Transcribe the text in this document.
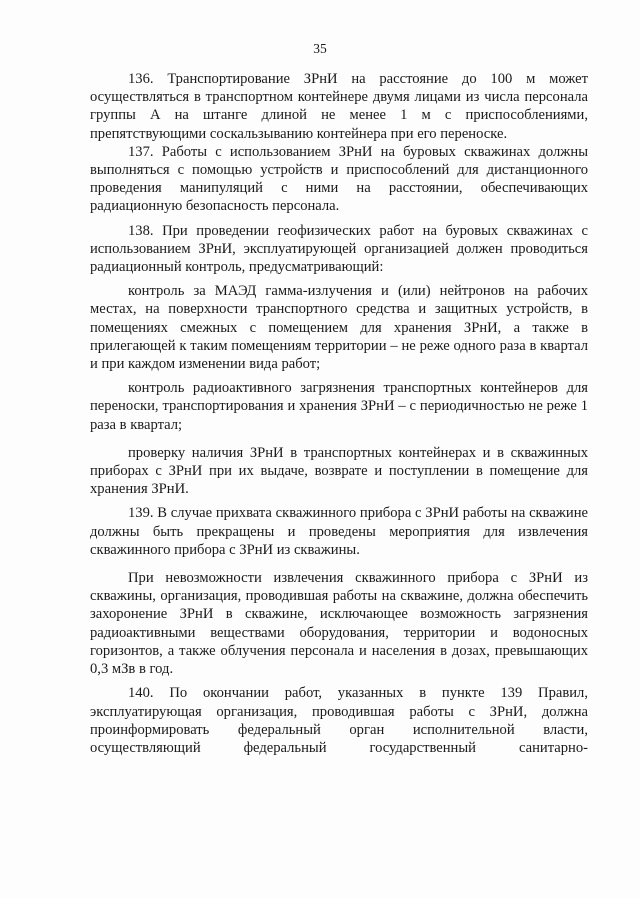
35

136. Транспортирование ЗРнИ на расстояние до 100 м может осуществляться в транспортном контейнере двумя лицами из числа персонала группы А на штанге длиной не менее 1 м с приспособлениями, препятствующими соскальзыванию контейнера при его переноске.

137. Работы с использованием ЗРнИ на буровых скважинах должны выполняться с помощью устройств и приспособлений для дистанционного проведения манипуляций с ними на расстоянии, обеспечивающих радиационную безопасность персонала.

138. При проведении геофизических работ на буровых скважинах с использованием ЗРнИ, эксплуатирующей организацией должен проводиться радиационный контроль, предусматривающий:

контроль за МАЭД гамма-излучения и (или) нейтронов на рабочих местах, на поверхности транспортного средства и защитных устройств, в помещениях смежных с помещением для хранения ЗРнИ, а также в прилегающей к таким помещениям территории – не реже одного раза в квартал и при каждом изменении вида работ;

контроль радиоактивного загрязнения транспортных контейнеров для переноски, транспортирования и хранения ЗРнИ – с периодичностью не реже 1 раза в квартал;

проверку наличия ЗРнИ в транспортных контейнерах и в скважинных приборах с ЗРнИ при их выдаче, возврате и поступлении в помещение для хранения ЗРнИ.

139. В случае прихвата скважинного прибора с ЗРнИ работы на скважине должны быть прекращены и проведены мероприятия для извлечения скважинного прибора с ЗРнИ из скважины.

При невозможности извлечения скважинного прибора с ЗРнИ из скважины, организация, проводившая работы на скважине, должна обеспечить захоронение ЗРнИ в скважине, исключающее возможность загрязнения радиоактивными веществами оборудования, территории и водоносных горизонтов, а также облучения персонала и населения в дозах, превышающих 0,3 мЗв в год.

140. По окончании работ, указанных в пункте 139 Правил, эксплуатирующая организация, проводившая работы с ЗРнИ, должна проинформировать федеральный орган исполнительной власти, осуществляющий федеральный государственный санитарно-
